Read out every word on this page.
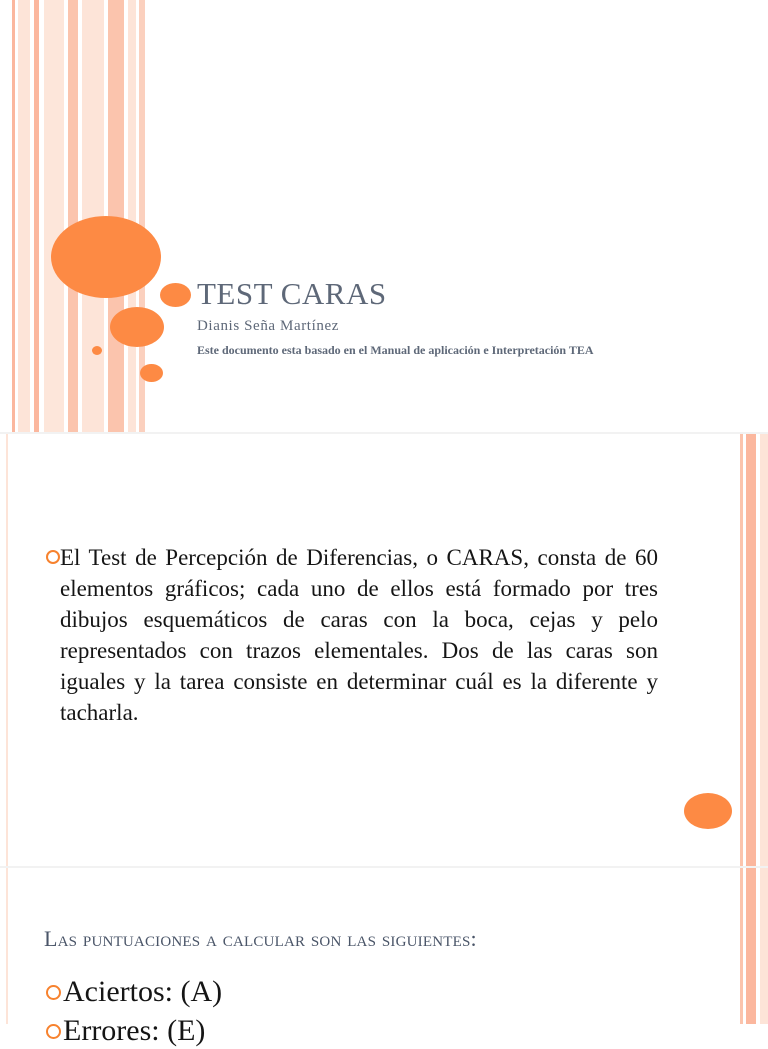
TEST CARAS
Dianis Seña Martínez
Este documento esta basado en el Manual de aplicación e Interpretación TEA

El Test de Percepción de Diferencias, o CARAS, consta de 60 elementos gráficos; cada uno de ellos está formado por tres dibujos esquemáticos de caras con la boca, cejas y pelo representados con trazos elementales. Dos de las caras son iguales y la tarea consiste en determinar cuál es la diferente y tacharla.

Las puntuaciones a calcular son las siguientes:
Aciertos: (A)
Errores: (E)
